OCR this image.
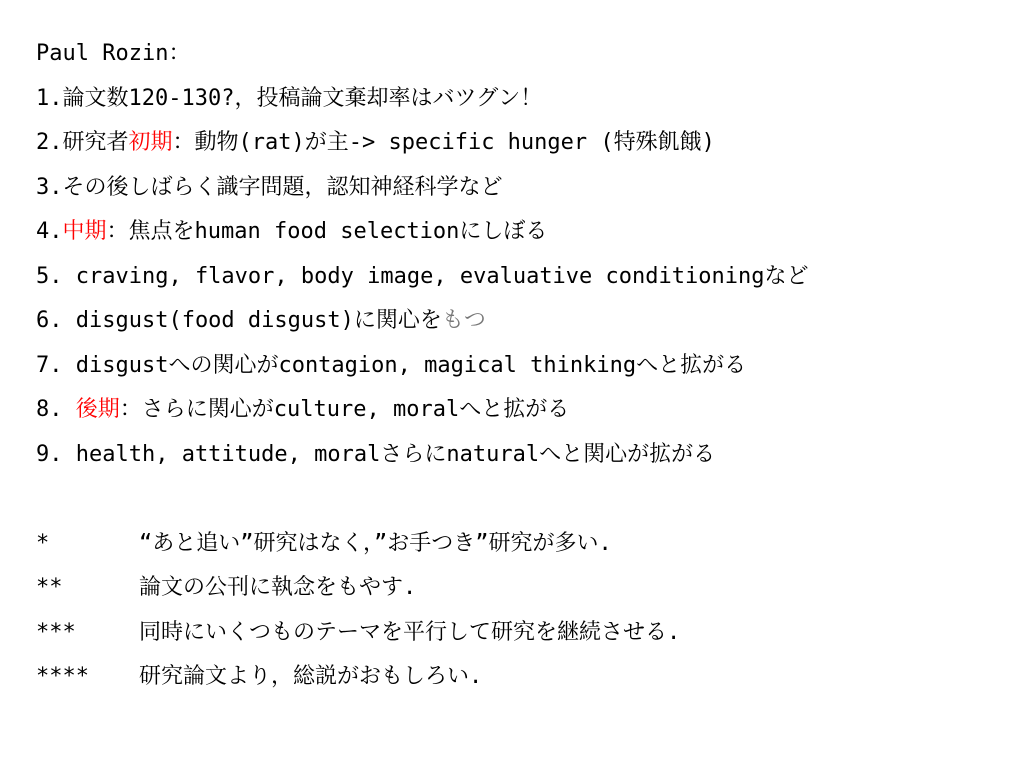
Paul Rozin：
1.論文数120-130?，投稿論文棄却率はバツグン！
2.研究者初期：動物(rat)が主-> specific hunger (特殊飢餓)
3.その後しばらく識字問題，認知神経科学など
4.中期：焦点をhuman food selectionにしぼる
5. craving, flavor, body image, evaluative conditioningなど
6. disgust(food disgust)に関心をもつ
7. disgustへの関心がcontagion, magical thinkingへと拡がる
8. 後期：さらに関心がculture, moralへと拡がる
9. health, attitude, moralさらにnaturalへと関心が拡がる
*	“あと追い”研究はなく，”お手つき”研究が多い.
**	論文の公刊に執念をもやす.
***	同時にいくつものテーマを平行して研究を継続させる.
****	研究論文より，総説がおもしろい.
